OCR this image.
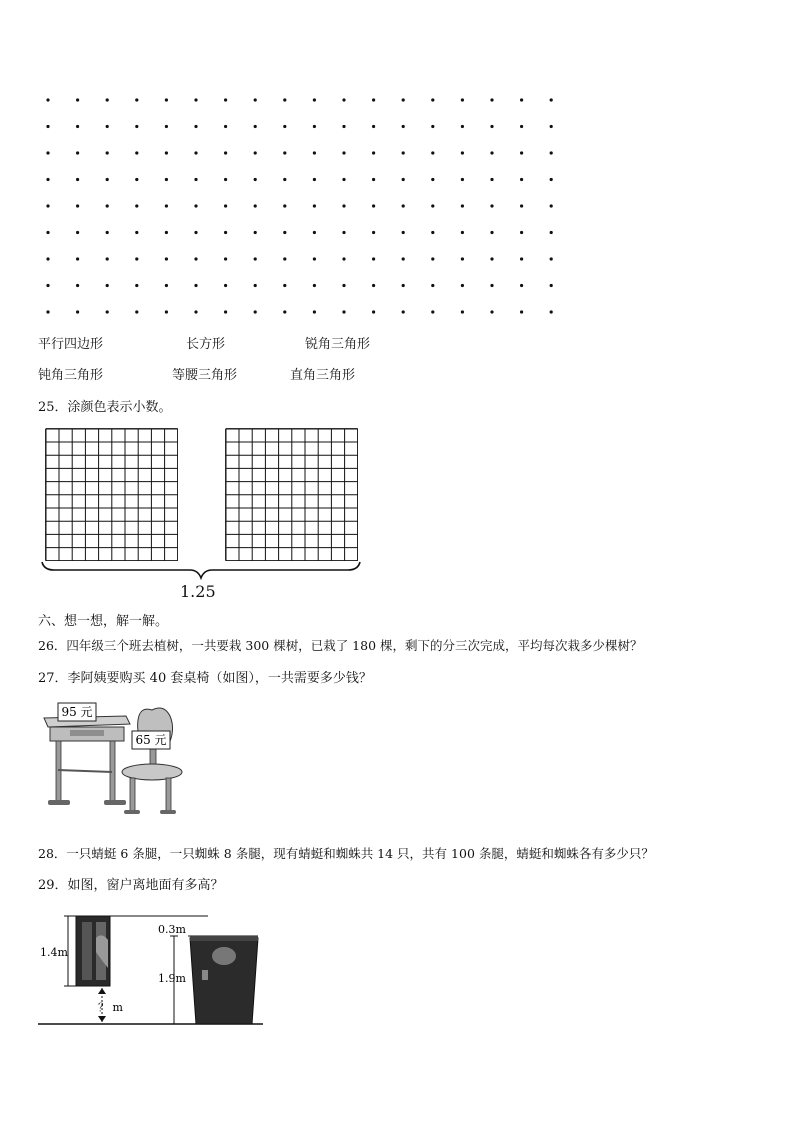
平行四边形	长方形	锐角三角形
钝角三角形	等腰三角形	直角三角形
25．涂颜色表示小数。
1.25
六、想一想，解一解。
26．四年级三个班去植树，一共要栽 300 棵树，已栽了 180 棵，剩下的分三次完成，平均每次栽多少棵树？
27．李阿姨要购买 40 套桌椅（如图），一共需要多少钱？
95 元
65 元
28．一只蜻蜓 6 条腿，一只蜘蛛 8 条腿，现有蜻蜓和蜘蛛共 14 只，共有 100 条腿，蜻蜓和蜘蛛各有多少只？
29．如图，窗户离地面有多高？
1.4m
？ m
0.3m
1.9m
